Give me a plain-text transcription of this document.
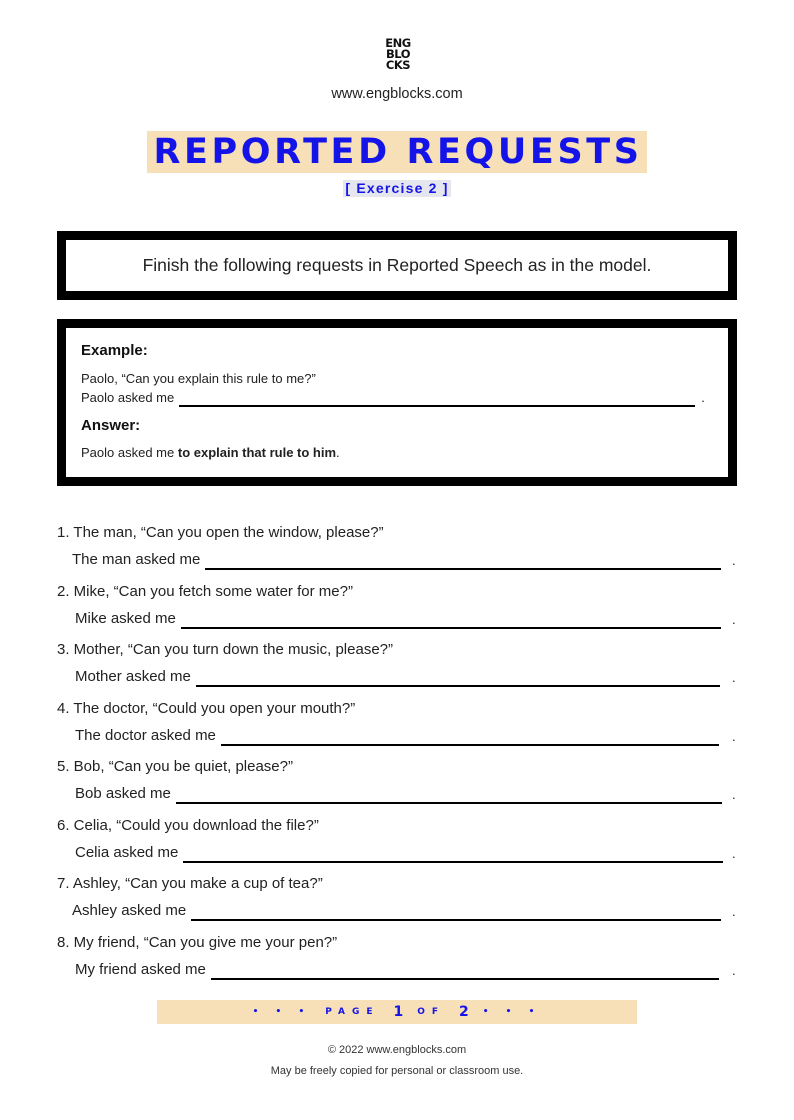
ENG
BLO
CKS
www.engblocks.com
REPORTED REQUESTS
[ Exercise 2 ]
Finish the following requests in Reported Speech as in the model.
Example:
Paolo, “Can you explain this rule to me?”
Paolo asked me	.
Answer:
Paolo asked me to explain that rule to him.
1. The man, “Can you open the window, please?”
The man asked me	.
2. Mike, “Can you fetch some water for me?”
Mike asked me	.
3. Mother, “Can you turn down the music, please?”
Mother asked me	.
4. The doctor, “Could you open your mouth?”
The doctor asked me	.
5. Bob, “Can you be quiet, please?”
Bob asked me	.
6. Celia, “Could you download the file?”
Celia asked me	.
7. Ashley, “Can you make a cup of tea?”
Ashley asked me	.
8. My friend, “Can you give me your pen?”
My friend asked me	.
• • • PAGE 1 OF 2 • • •
© 2022 www.engblocks.com
May be freely copied for personal or classroom use.
